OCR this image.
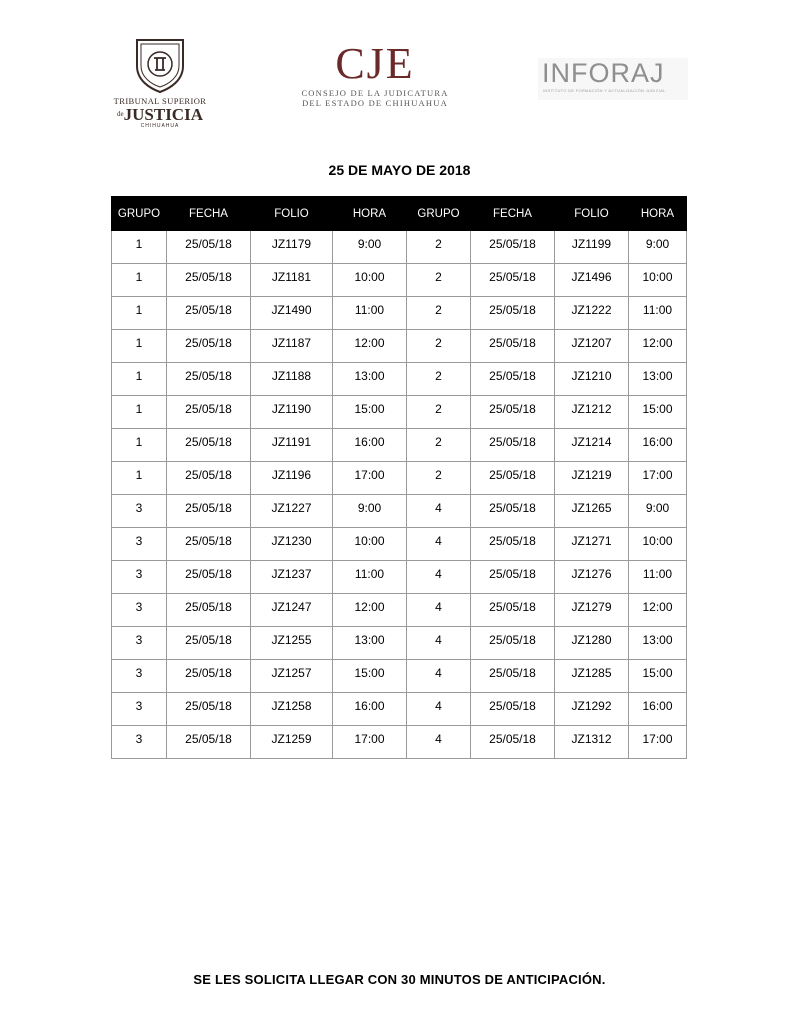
TRIBUNAL SUPERIOR
$^{de}$JUSTICIA
CHIHUAHUA
CJE
CONSEJO DE LA JUDICATURA
DEL ESTADO DE CHIHUAHUA
INFORAJ
INSTITUTO DE FORMACIÓN Y ACTUALIZACIÓN JUDICIAL
25 DE MAYO DE 2018
GRUPO	FECHA	FOLIO	HORA	GRUPO	FECHA	FOLIO	HORA
1	25/05/18	JZ1179	9:00	2	25/05/18	JZ1199	9:00
1	25/05/18	JZ1181	10:00	2	25/05/18	JZ1496	10:00
1	25/05/18	JZ1490	11:00	2	25/05/18	JZ1222	11:00
1	25/05/18	JZ1187	12:00	2	25/05/18	JZ1207	12:00
1	25/05/18	JZ1188	13:00	2	25/05/18	JZ1210	13:00
1	25/05/18	JZ1190	15:00	2	25/05/18	JZ1212	15:00
1	25/05/18	JZ1191	16:00	2	25/05/18	JZ1214	16:00
1	25/05/18	JZ1196	17:00	2	25/05/18	JZ1219	17:00
3	25/05/18	JZ1227	9:00	4	25/05/18	JZ1265	9:00
3	25/05/18	JZ1230	10:00	4	25/05/18	JZ1271	10:00
3	25/05/18	JZ1237	11:00	4	25/05/18	JZ1276	11:00
3	25/05/18	JZ1247	12:00	4	25/05/18	JZ1279	12:00
3	25/05/18	JZ1255	13:00	4	25/05/18	JZ1280	13:00
3	25/05/18	JZ1257	15:00	4	25/05/18	JZ1285	15:00
3	25/05/18	JZ1258	16:00	4	25/05/18	JZ1292	16:00
3	25/05/18	JZ1259	17:00	4	25/05/18	JZ1312	17:00
SE LES SOLICITA LLEGAR CON 30 MINUTOS DE ANTICIPACIÓN.
